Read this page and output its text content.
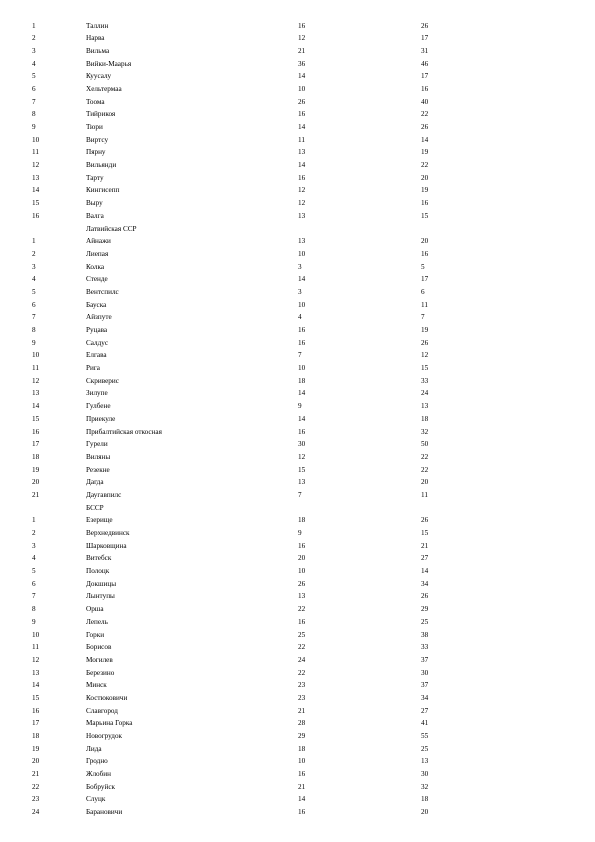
1	Таллин	16	26
2	Нарва	12	17
3	Вильма	21	31
4	Вийки-Маарья	36	46
5	Куусалу	14	17
6	Хельтермаа	10	16
7	Тоома	26	40
8	Тийрикоя	16	22
9	Тюри	14	26
10	Виртсу	11	14
11	Пярну	13	19
12	Вильянди	14	22
13	Тарту	16	20
14	Кингисепп	12	19
15	Выру	12	16
16	Валга	13	15
Латвийская ССР
1	Айнажи	13	20
2	Лиепая	10	16
3	Колка	3	5
4	Стенде	14	17
5	Вентспилс	3	6
6	Бауска	10	11
7	Айзпуте	4	7
8	Руцава	16	19
9	Салдус	16	26
10	Елгава	7	12
11	Рига	10	15
12	Скриверис	18	33
13	Зилупе	14	24
14	Гулбене	9	13
15	Приекуле	14	18
16	Прибалтийская откосная	16	32
17	Гурели	30	50
18	Виляны	12	22
19	Резекне	15	22
20	Дагда	13	20
21	Даугавпилс	7	11
БССР
1	Езерище	18	26
2	Верхнедвинск	9	15
3	Шарковщина	16	21
4	Витебск	20	27
5	Полоцк	10	14
6	Докшицы	26	34
7	Лынтупы	13	26
8	Орша	22	29
9	Лепель	16	25
10	Горки	25	38
11	Борисов	22	33
12	Могилев	24	37
13	Березино	22	30
14	Минск	23	37
15	Костюковичи	23	34
16	Славгород	21	27
17	Марьина Горка	28	41
18	Новогрудок	29	55
19	Лида	18	25
20	Гродно	10	13
21	Жлобин	16	30
22	Бобруйск	21	32
23	Слуцк	14	18
24	Барановичи	16	20
